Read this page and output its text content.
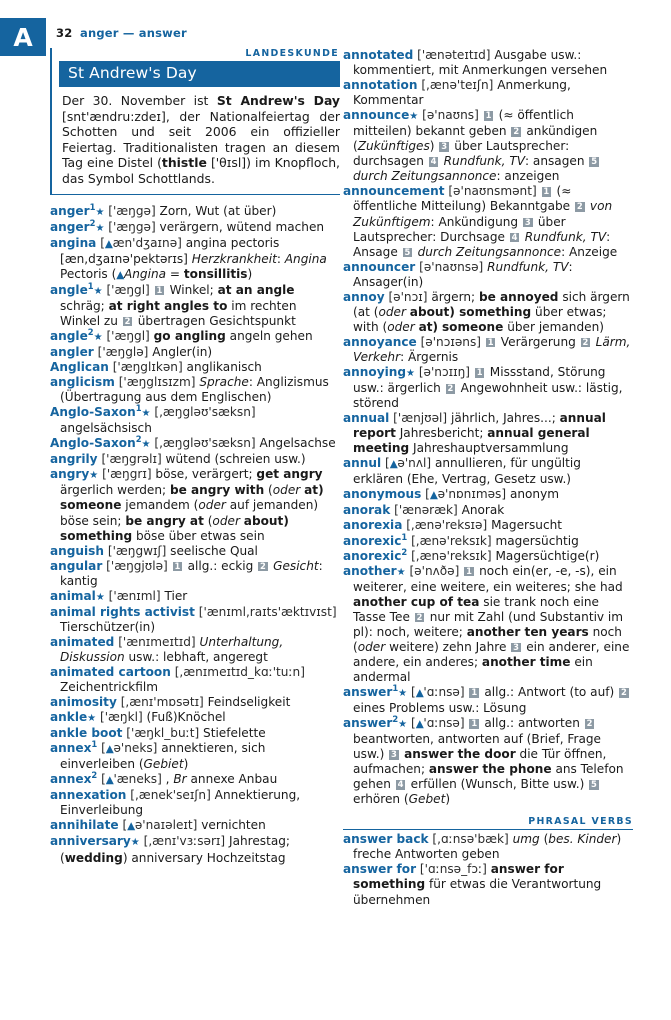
A	32 anger — answer
LANDESKUNDE
St Andrew's Day
Der 30. November ist St Andrew's Day [snt'ændru:zdeɪ], der Nationalfeiertag der Schotten und seit 2006 ein offizieller Feiertag. Traditionalisten tragen an diesem Tag eine Distel (thistle ['θɪsl]) im Knopfloch, das Symbol Schottlands.

anger$^1$★ ['æŋgə] Zorn, Wut (at über)

anger$^2$★ ['æŋgə] verärgern, wütend machen

angina [▲æn'dʒaɪnə] angina pectoris [æn,dʒaɪnə'pektərɪs] Herzkrankheit: Angina Pectoris (▲Angina = tonsillitis)

angle$^1$★ ['æŋgl] 1 Winkel; at an angle schräg; at right angles to im rechten Winkel zu 2 übertragen Gesichtspunkt

angle$^2$★ ['æŋgl] go angling angeln gehen

angler ['æŋglə] Angler(in)

Anglican ['æŋglɪkən] anglikanisch

anglicism ['æŋglɪsɪzm] Sprache: Anglizismus (Übertragung aus dem Englischen)

Anglo-Saxon$^1$★ [,æŋgləʊ'sæksn] angelsächsisch

Anglo-Saxon$^2$★ [,æŋgləʊ'sæksn] Angelsachse

angrily ['æŋgrəlɪ] wütend (schreien usw.)

angry★ ['æŋgrɪ] böse, verärgert; get angry ärgerlich werden; be angry with (oder at) someone jemandem (oder auf jemanden) böse sein; be angry at (oder about) something böse über etwas sein

anguish ['æŋgwɪʃ] seelische Qual

angular ['æŋgjʊlə] 1 allg.: eckig 2 Gesicht: kantig

animal★ ['ænɪml] Tier

animal rights activist ['ænɪml,raɪts'æktɪvɪst] Tierschützer(in)

animated ['ænɪmeɪtɪd] Unterhaltung, Diskussion usw.: lebhaft, angeregt

animated cartoon [,ænɪmeɪtɪd_kɑː'tuːn] Zeichentrickfilm

animosity [,ænɪ'mɒsətɪ] Feindseligkeit

ankle★ ['æŋkl] (Fuß)Knöchel

ankle boot ['æŋkl_buːt] Stiefelette

annex$^1$ [▲ə'neks] annektieren, sich einverleiben (Gebiet)

annex$^2$ [▲'æneks] , Br annexe Anbau

annexation [,ænek'seɪʃn] Annektierung, Einverleibung

annihilate [▲ə'naɪəleɪt] vernichten

anniversary★ [,ænɪ'vɜːsərɪ] Jahrestag; (wedding) anniversary Hochzeitstag

annotated ['ænəteɪtɪd] Ausgabe usw.: kommentiert, mit Anmerkungen versehen

annotation [,ænə'teɪʃn] Anmerkung, Kommentar

announce★ [ə'naʊns] 1 (≈ öffentlich mitteilen) bekannt geben 2 ankündigen (Zukünftiges) 3 über Lautsprecher: durchsagen 4 Rundfunk, TV: ansagen 5 durch Zeitungsannonce: anzeigen

announcement [ə'naʊnsmənt] 1 (≈ öffentliche Mitteilung) Bekanntgabe 2 von Zukünftigem: Ankündigung 3 über Lautsprecher: Durchsage 4 Rundfunk, TV: Ansage 5 durch Zeitungsannonce: Anzeige

announcer [ə'naʊnsə] Rundfunk, TV: Ansager(in)

annoy [ə'nɔɪ] ärgern; be annoyed sich ärgern (at (oder about) something über etwas; with (oder at) someone über jemanden)

annoyance [ə'nɔɪəns] 1 Verärgerung 2 Lärm, Verkehr: Ärgernis

annoying★ [ə'nɔɪɪŋ] 1 Missstand, Störung usw.: ärgerlich 2 Angewohnheit usw.: lästig, störend

annual ['ænjʊəl] jährlich, Jahres...; annual report Jahresbericht; annual general meeting Jahreshauptversammlung

annul [▲ə'nʌl] annullieren, für ungültig erklären (Ehe, Vertrag, Gesetz usw.)

anonymous [▲ə'nɒnɪməs] anonym

anorak ['ænəræk] Anorak

anorexia [,ænə'reksɪə] Magersucht

anorexic$^1$ [,ænə'reksɪk] magersüchtig

anorexic$^2$ [,ænə'reksɪk] Magersüchtige(r)

another★ [ə'nʌðə] 1 noch ein(er, -e, -s), ein weiterer, eine weitere, ein weiteres; she had another cup of tea sie trank noch eine Tasse Tee 2 nur mit Zahl (und Substantiv im pl): noch, weitere; another ten years noch (oder weitere) zehn Jahre 3 ein anderer, eine andere, ein anderes; another time ein andermal

answer$^1$★ [▲'ɑːnsə] 1 allg.: Antwort (to auf) 2 eines Problems usw.: Lösung

answer$^2$★ [▲'ɑːnsə] 1 allg.: antworten 2 beantworten, antworten auf (Brief, Frage usw.) 3 answer the door die Tür öffnen, aufmachen; answer the phone ans Telefon gehen 4 erfüllen (Wunsch, Bitte usw.) 5 erhören (Gebet)

PHRASAL VERBS

answer back [,ɑːnsə'bæk] umg (bes. Kinder) freche Antworten geben

answer for ['ɑːnsə_fɔː] answer for something für etwas die Verantwortung übernehmen
